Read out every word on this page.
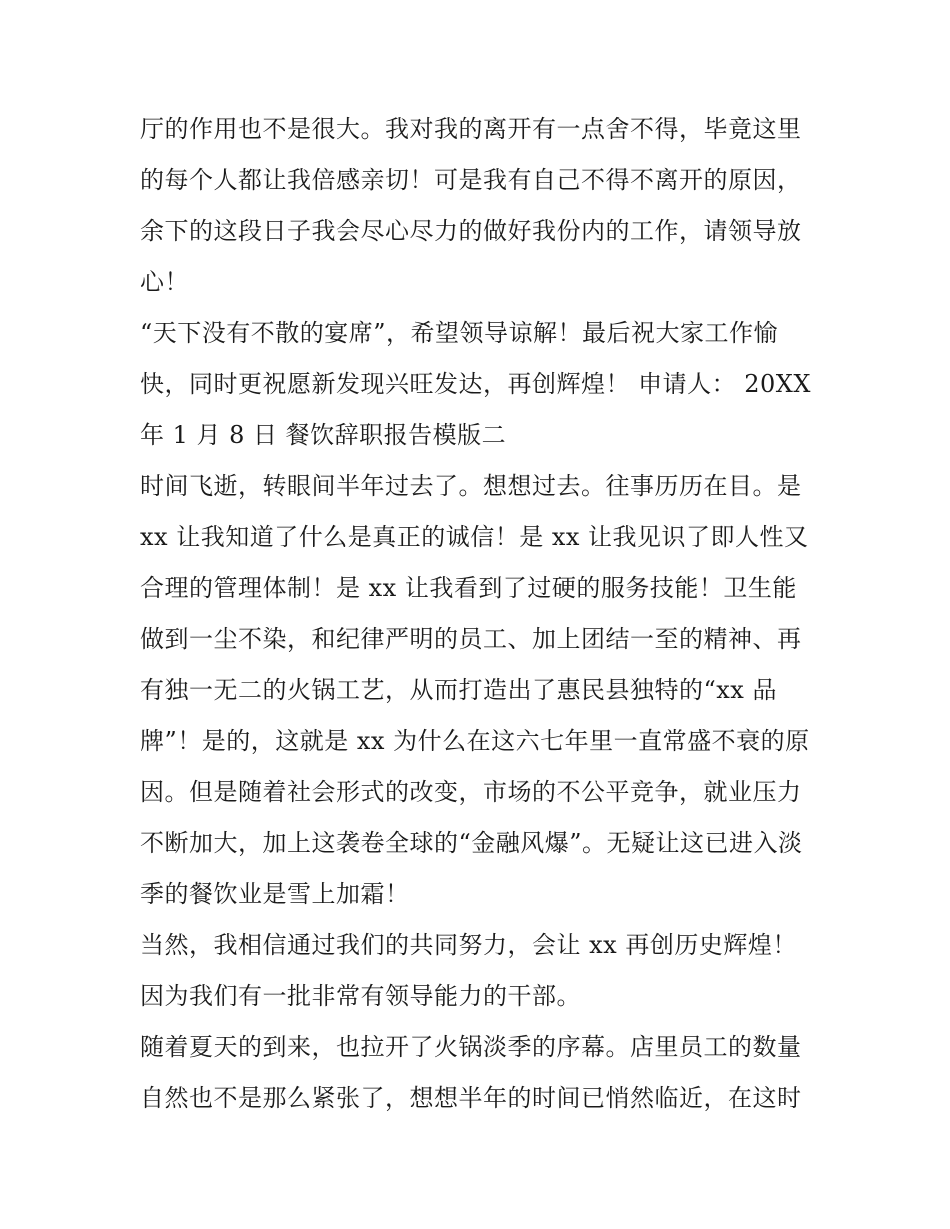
厅的作用也不是很大。我对我的离开有一点舍不得，毕竟这里
的每个人都让我倍感亲切！可是我有自己不得不离开的原因，
余下的这段日子我会尽心尽力的做好我份内的工作，请领导放
心！
“天下没有不散的宴席”，希望领导谅解！最后祝大家工作愉
快，同时更祝愿新发现兴旺发达，再创辉煌！ 申请人： 20XX
年 1 月 8 日 餐饮辞职报告模版二
时间飞逝，转眼间半年过去了。想想过去。往事历历在目。是
xx 让我知道了什么是真正的诚信！是 xx 让我见识了即人性又
合理的管理体制！是 xx 让我看到了过硬的服务技能！卫生能
做到一尘不染，和纪律严明的员工、加上团结一至的精神、再
有独一无二的火锅工艺，从而打造出了惠民县独特的“xx 品
牌”！是的，这就是 xx 为什么在这六七年里一直常盛不衰的原
因。但是随着社会形式的改变，市场的不公平竞争，就业压力
不断加大，加上这袭卷全球的“金融风爆”。无疑让这已进入淡
季的餐饮业是雪上加霜！
当然，我相信通过我们的共同努力，会让 xx 再创历史辉煌！
因为我们有一批非常有领导能力的干部。
随着夏天的到来，也拉开了火锅淡季的序幕。店里员工的数量
自然也不是那么紧张了，想想半年的时间已悄然临近，在这时
